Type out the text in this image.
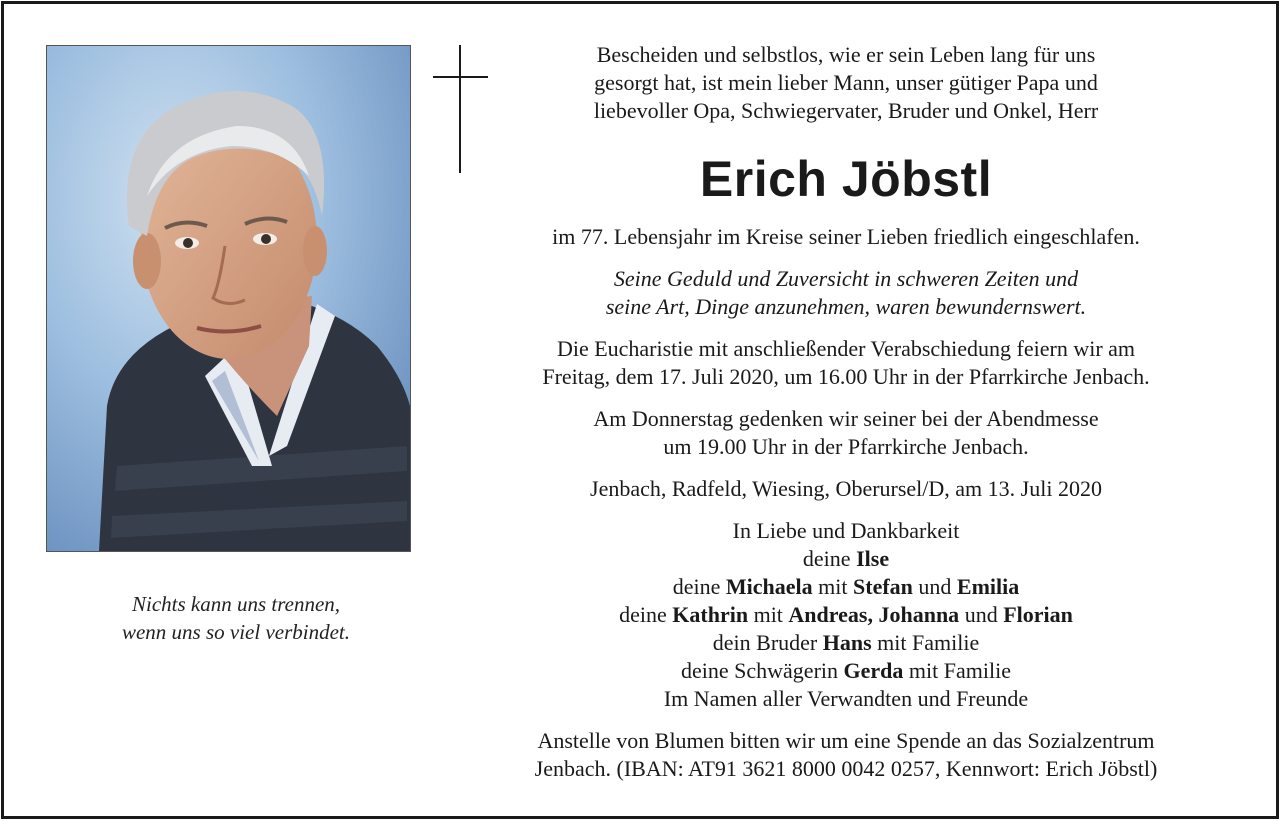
Nichts kann uns trennen,
wenn uns so viel verbindet.
Bescheiden und selbstlos, wie er sein Leben lang für uns
gesorgt hat, ist mein lieber Mann, unser gütiger Papa und
liebevoller Opa, Schwiegervater, Bruder und Onkel, Herr
Erich Jöbstl
im 77. Lebensjahr im Kreise seiner Lieben friedlich eingeschlafen.
Seine Geduld und Zuversicht in schweren Zeiten und
seine Art, Dinge anzunehmen, waren bewundernswert.
Die Eucharistie mit anschließender Verabschiedung feiern wir am
Freitag, dem 17. Juli 2020, um 16.00 Uhr in der Pfarrkirche Jenbach.
Am Donnerstag gedenken wir seiner bei der Abendmesse
um 19.00 Uhr in der Pfarrkirche Jenbach.
Jenbach, Radfeld, Wiesing, Oberursel/D, am 13. Juli 2020
In Liebe und Dankbarkeit
deine Ilse
deine Michaela mit Stefan und Emilia
deine Kathrin mit Andreas, Johanna und Florian
dein Bruder Hans mit Familie
deine Schwägerin Gerda mit Familie
Im Namen aller Verwandten und Freunde
Anstelle von Blumen bitten wir um eine Spende an das Sozialzentrum
Jenbach. (IBAN: AT91 3621 8000 0042 0257, Kennwort: Erich Jöbstl)
